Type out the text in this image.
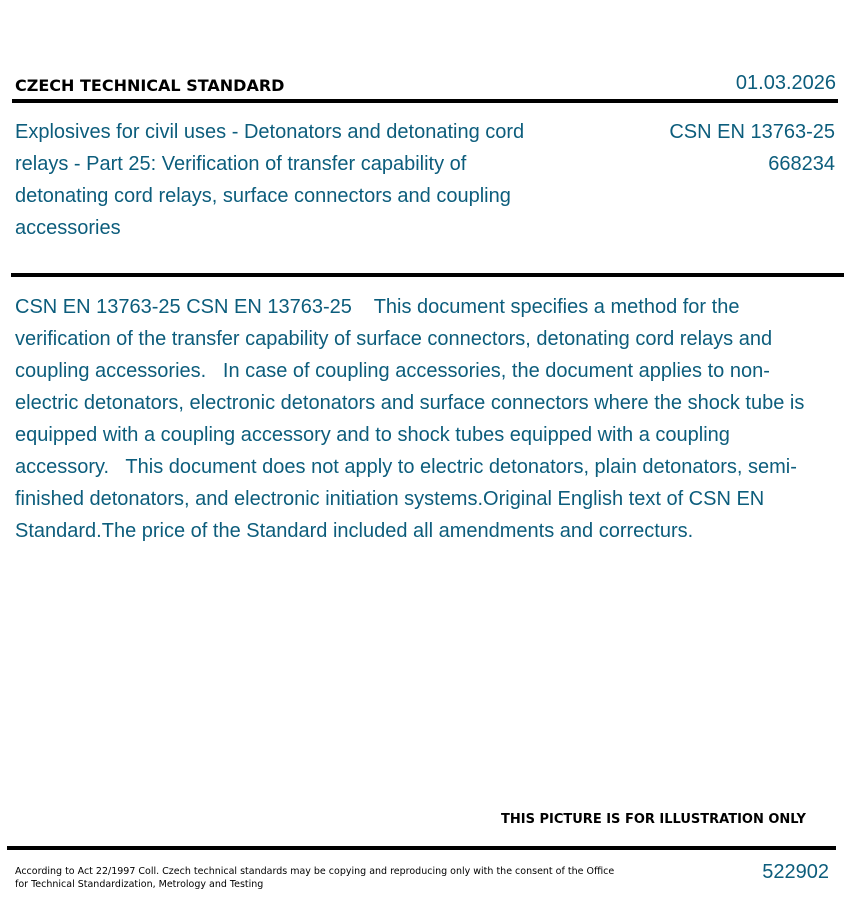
CZECH TECHNICAL STANDARD	01.03.2026
Explosives for civil uses - Detonators and detonating cord relays - Part 25: Verification of transfer capability of detonating cord relays, surface connectors and coupling accessories
CSN EN 13763-25
668234
CSN EN 13763-25 CSN EN 13763-25    This document specifies a method for the verification of the transfer capability of surface connectors, detonating cord relays and coupling accessories.   In case of coupling accessories, the document applies to non-electric detonators, electronic detonators and surface connectors where the shock tube is equipped with a coupling accessory and to shock tubes equipped with a coupling accessory.   This document does not apply to electric detonators, plain detonators, semi-finished detonators, and electronic initiation systems.Original English text of CSN EN Standard.The price of the Standard included all amendments and correcturs.
THIS PICTURE IS FOR ILLUSTRATION ONLY
According to Act 22/1997 Coll. Czech technical standards may be copying and reproducing only with the consent of the Office
for Technical Standardization, Metrology and Testing
522902
